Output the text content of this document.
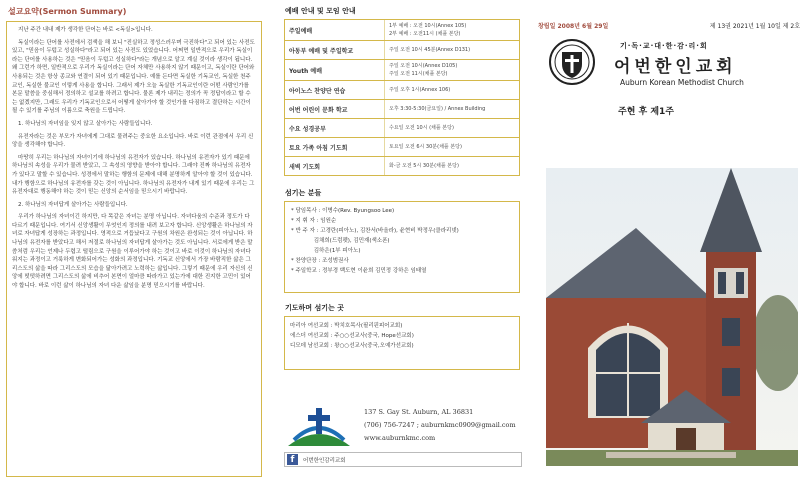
설교요약(Sermon Summary)

지난 주간 내내 제가 생각한 단어는 바로 <독실>입니다.

독실이라는 단어를 사전에서 검색을 해 보니 "진실하고 정성스러우며 극진하다"고 되어 있는 사전도 있고, "믿음이 두텁고 성실하다"라고 되어 있는 사전도 있었습니다. 어쩌면 일반적으로 우리가 독실이라는 단어를 사용하는 것은 "믿음이 두텁고 성실하다"라는 개념으로 알고 계실 것이라 생각이 됩니다. 왜 그런가 하면, 일반적으로 우리가 독실이라는 단어 자체만 사용하지 않기 때문이고, 독실이란 단어와 사용되는 것은 항상 종교와 연결이 되어 있기 때문입니다. 예를 든다면 독실한 기독교인, 독실한 천주교인, 독실한 불교인 이렇게 사용을 합니다. 그래서 제가 오늘 독실한 기독교인이란 어떤 사람인가를 본문 말씀을 중심해서 정의하고 설교를 하려고 합니다. 물론 제가 내리는 정의가 꼭 정답이라고 할 수는 없겠지만, 그래도 우리가 기독교인으로서 어떻게 살아가야 할 것인가를 다짐하고 결단하는 시간이 될 수 있기를 주님의 이름으로 축원을 드립니다.

1. 하나님의 자녀임을 잊지 않고 살아가는 사람들입니다.

유전자라는 것은 부모가 자녀에게 그대로 물려주는 중요한 요소입니다. 바로 이런 관점에서 우리 신앙을 생각해야 합니다.

마땅히 우리는 하나님의 자녀이기에 하나님의 유전자가 있습니다. 하나님의 유전자가 있기 때문에 하나님의 속성을 우리가 물려 받았고, 그 속성의 영향을 받아야 합니다. 그래야 진짜 하나님의 유전자가 있다고 말할 수 있습니다. 성경에서 말하는 행함의 문제에 대해 분명하게 알아야 할 것이 있습니다. 내가 행함으로 하나님의 유전자를 갖는 것이 아닙니다. 하나님의 유전자가 내게 있기 때문에 우리는 그 유전자대로 행동해야 하는 것이 믿는 신앙의 순서임을 믿으시기 바랍니다.

2. 하나님의 자녀답게 살아가는 사람들입니다.

우리가 하나님의 자녀이긴 하지만, 다 똑같은 자녀는 분명 아닙니다. 자녀다움의 수준과 정도가 다 다르기 때문입니다. 여기서 신앙생활이 무엇인지 정의를 내려 보고자 합니다. 신앙생활은 하나님의 자녀로 자녀답게 성장하는 과정입니다. 영적으로 거듭났다고 구원의 차원은 완성되는 것이 아닙니다. 하나님의 유전자를 받았다고 해서 저절로 하나님의 자녀답게 살아가는 것도 아닙니다. 서로에게 받은 말씀처럼 우리는 언제나 두렵고 떨림으로 구원을 이루어가야 하는 것이고 바로 이것이 하나님의 자녀다워지는 과정이고 거룩하게 변화되어가는 성화의 과정입니다. 기독교 신앙에서 가장 바람직한 삶은 그리스도의 삶을 따라 그리스도의 모습을 닮아가려고 노력하는 삶입니다. 그렇기 때문에 우리 자신의 신앙에 떳떳하려면 그리스도의 삶에 비추어 본면이 얼마큼 따라가고 있는가에 대한 진지한 고민이 있어야 합니다. 바로 이런 삶이 하나님의 자녀 다운 삶임을 분명 믿으시기를 바랍니다.

예배 안내 및 모임 안내
주일예배
1부 예배 : 오전 10시(Annex 105)
2부 예배 : 오전11시 (채플 본당)
아동부 예배 및 주일학교	주일 오전 10시 45분(Annex D131)
Youth 예배
주일 오전 10시(Annex D105)
주일 오전 11시(채플 본당)
아이노스 찬양단 연습	주일 오후 1시(Annex 106)
어번 어린이 문화 학교	오후 3:30-5:30(금요일) / Annex Building
수요 성경공부	수요일 오전 10시 (채플 본당)
토요 가족 아침 기도회	토요일 오전 6시 30분(채플 본당)
새벽 기도회	화-금 오전 5시 30분(채플 본당)
섬기는 분들
* 담임목사 : 이병수(Rev. Byungsoo Lee)
* 지 휘 자 : 임원순
* 반 주 자 : 고경란(피아노), 김찬서(바올라), 윤현비 박정우(클라리넷)
김채희(드럼펫), 김민재(색소폰)
김하은(1부 피아노)
* 찬양단장 : 조성범권사
* 주일학교 : 정부경 백도현 이윤희 김민정 강하은 임태열
기도하며 섬기는 곳
마리아 여선교회 : 박치호목사(필리핀피어교회)
에스더 여선교회 : 주○○선교사(중국, Hope선교회)
디모데 남선교회 : 왕○○선교사(중국,오예가선교회)
137 S. Gay St. Auburn, AL 36831
(706) 756-7247 ; auburnkmc0909@gmail.com
www.auburnkmc.com
f	어번한인감리교회
창립일 2008년 6월 29일	제 13권 2021년 1월 10일 제 2호
기·독·교·대·한·감·리·회
어번한인교회
Auburn Korean Methodist Church
주현 후 제1주
